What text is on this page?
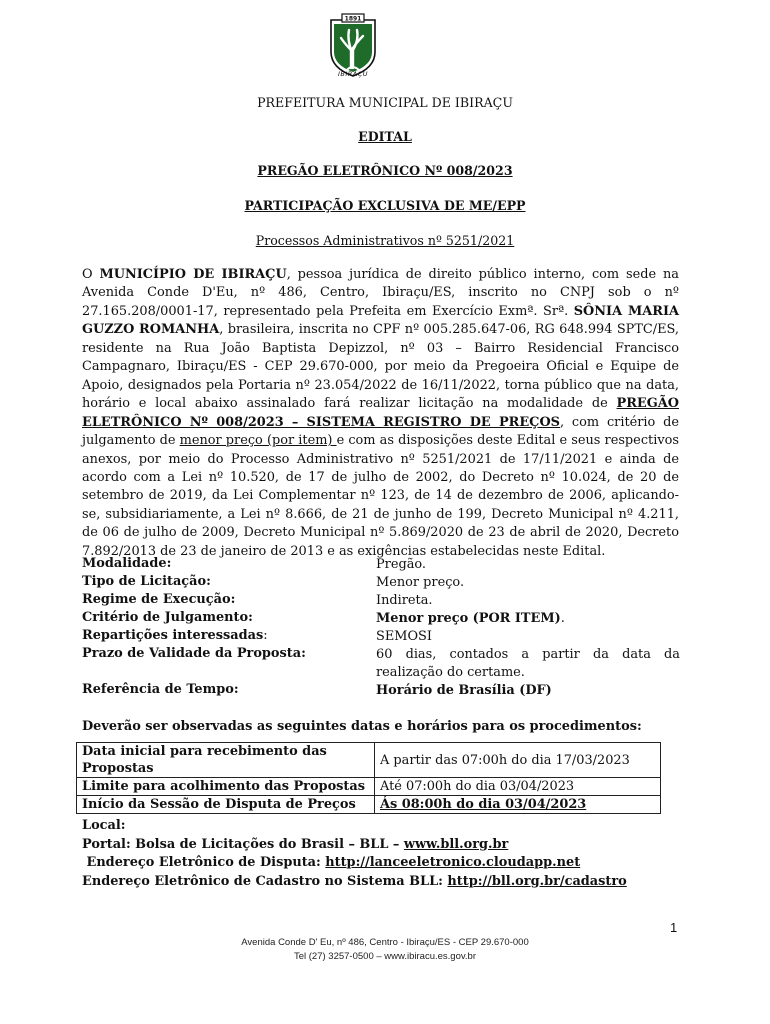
1891
IBIRAÇU
PREFEITURA MUNICIPAL DE IBIRAÇU
EDITAL
PREGÃO ELETRÔNICO Nº 008/2023
PARTICIPAÇÃO EXCLUSIVA DE ME/EPP
Processos Administrativos nº 5251/2021
O MUNICÍPIO DE IBIRAÇU, pessoa jurídica de direito público interno, com sede na Avenida Conde D'Eu, nº 486, Centro, Ibiraçu/ES, inscrito no CNPJ sob o nº 27.165.208/0001-17, representado pela Prefeita em Exercício Exmª. Srª. SÔNIA MARIA GUZZO ROMANHA, brasileira, inscrita no CPF nº 005.285.647-06, RG 648.994 SPTC/ES, residente na Rua João Baptista Depizzol, nº 03 – Bairro Residencial Francisco Campagnaro, Ibiraçu/ES - CEP 29.670-000, por meio da Pregoeira Oficial e Equipe de Apoio, designados pela Portaria nº 23.054/2022 de 16/11/2022, torna público que na data, horário e local abaixo assinalado fará realizar licitação na modalidade de PREGÃO ELETRÔNICO Nº 008/2023 – SISTEMA REGISTRO DE PREÇOS, com critério de julgamento de menor preço (por item) e com as disposições deste Edital e seus respectivos anexos, por meio do Processo Administrativo nº 5251/2021 de 17/11/2021 e ainda de acordo com a Lei nº 10.520, de 17 de julho de 2002, do Decreto nº 10.024, de 20 de setembro de 2019, da Lei Complementar nº 123, de 14 de dezembro de 2006, aplicando-se, subsidiariamente, a Lei nº 8.666, de 21 de junho de 199, Decreto Municipal nº 4.211, de 06 de julho de 2009, Decreto Municipal nº 5.869/2020 de 23 de abril de 2020, Decreto 7.892/2013 de 23 de janeiro de 2013 e as exigências estabelecidas neste Edital.
Modalidade:	Pregão.
Tipo de Licitação:	Menor preço.
Regime de Execução:	Indireta.
Critério de Julgamento:	Menor preço (POR ITEM).
Repartições interessadas:	SEMOSI
Prazo de Validade da Proposta:	60 dias, contados a partir da data da realização do certame.
Referência de Tempo:	Horário de Brasília (DF)
Deverão ser observadas as seguintes datas e horários para os procedimentos:
Data inicial para recebimento das Propostas	A partir das 07:00h do dia 17/03/2023
Limite para acolhimento das Propostas	Até 07:00h do dia 03/04/2023
Início da Sessão de Disputa de Preços	Ás 08:00h do dia 03/04/2023
Local:
Portal: Bolsa de Licitações do Brasil – BLL – www.bll.org.br
Endereço Eletrônico de Disputa: http://lanceeletronico.cloudapp.net
Endereço Eletrônico de Cadastro no Sistema BLL: http://bll.org.br/cadastro
1
Avenida Conde D' Eu, nº 486, Centro - Ibiraçu/ES - CEP 29.670-000
Tel (27) 3257-0500 – www.ibiracu.es.gov.br
